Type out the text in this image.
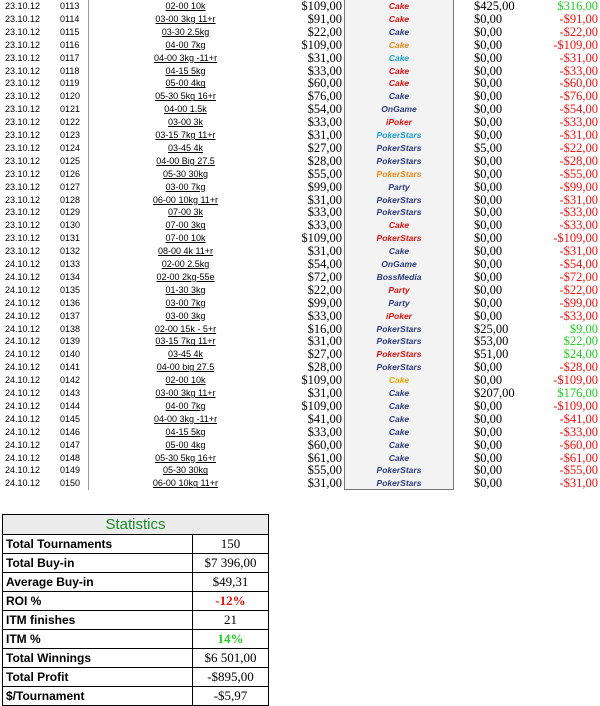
23.10.12	0113	02-00 10k	$109,00	Cake	$425,00	$316,00
23.10.12	0114	03-00 3kg 11+r	$91,00	Cake	$0,00	-$91,00
23.10.12	0115	03-30 2.5kg	$22,00	Cake	$0,00	-$22,00
23.10.12	0116	04-00 7kg	$109,00	Cake	$0,00	-$109,00
23.10.12	0117	04-00 3kg -11+r	$31,00	Cake	$0,00	-$31,00
23.10.12	0118	04-15 5kg	$33,00	Cake	$0,00	-$33,00
23.10.12	0119	05-00 4kg	$60,00	Cake	$0,00	-$60,00
23.10.12	0120	05-30 5kg 16+r	$76,00	Cake	$0,00	-$76,00
23.10.12	0121	04-00 1.5k	$54,00	OnGame	$0,00	-$54,00
23.10.12	0122	03-00 3k	$33,00	iPoker	$0,00	-$33,00
23.10.12	0123	03-15 7kg 11+r	$31,00	PokerStars	$0,00	-$31,00
23.10.12	0124	03-45 4k	$27,00	PokerStars	$5,00	-$22,00
23.10.12	0125	04-00 Big 27.5	$28,00	PokerStars	$0,00	-$28,00
23.10.12	0126	05-30 30kg	$55,00	PokerStars	$0,00	-$55,00
23.10.12	0127	03-00 7kg	$99,00	Party	$0,00	-$99,00
23.10.12	0128	06-00 10kg 11+r	$31,00	PokerStars	$0,00	-$31,00
23.10.12	0129	07-00 3k	$33,00	PokerStars	$0,00	-$33,00
23.10.12	0130	07-00 3kg	$33,00	Cake	$0,00	-$33,00
23.10.12	0131	07-00 10k	$109,00	PokerStars	$0,00	-$109,00
23.10.12	0132	08-00 4k 11+r	$31,00	Cake	$0,00	-$31,00
24.10.12	0133	02-00 2.5kg	$54,00	OnGame	$0,00	-$54,00
24.10.12	0134	02-00 2kg-55e	$72,00	BossMedia	$0,00	-$72,00
24.10.12	0135	01-30 3kg	$22,00	Party	$0,00	-$22,00
24.10.12	0136	03-00 7kg	$99,00	Party	$0,00	-$99,00
24.10.12	0137	03-00 3kg	$33,00	iPoker	$0,00	-$33,00
24.10.12	0138	02-00 15k - 5+r	$16,00	PokerStars	$25,00	$9,00
24.10.12	0139	03-15 7kg 11+r	$31,00	PokerStars	$53,00	$22,00
24.10.12	0140	03-45 4k	$27,00	PokerStars	$51,00	$24,00
24.10.12	0141	04-00 big 27.5	$28,00	PokerStars	$0,00	-$28,00
24.10.12	0142	02-00 10k	$109,00	Cake	$0,00	-$109,00
24.10.12	0143	03-00 3kg 11+r	$31,00	Cake	$207,00	$176,00
24.10.12	0144	04-00 7kg	$109,00	Cake	$0,00	-$109,00
24.10.12	0145	04-00 3kg -11+r	$41,00	Cake	$0,00	-$41,00
24.10.12	0146	04-15 5kg	$33,00	Cake	$0,00	-$33,00
24.10.12	0147	05-00 4kg	$60,00	Cake	$0,00	-$60,00
24.10.12	0148	05-30 5kg 16+r	$61,00	Cake	$0,00	-$61,00
24.10.12	0149	05-30 30kg	$55,00	PokerStars	$0,00	-$55,00
24.10.12	0150	06-00 10kg 11+r	$31,00	PokerStars	$0,00	-$31,00
Statistics	
Total Tournaments	150
Total Buy-in	$7 396,00
Average Buy-in	$49,31
ROI %	-12%
ITM finishes	21
ITM %	14%
Total Winnings	$6 501,00
Total Profit	-$895,00
$/Tournament	-$5,97
